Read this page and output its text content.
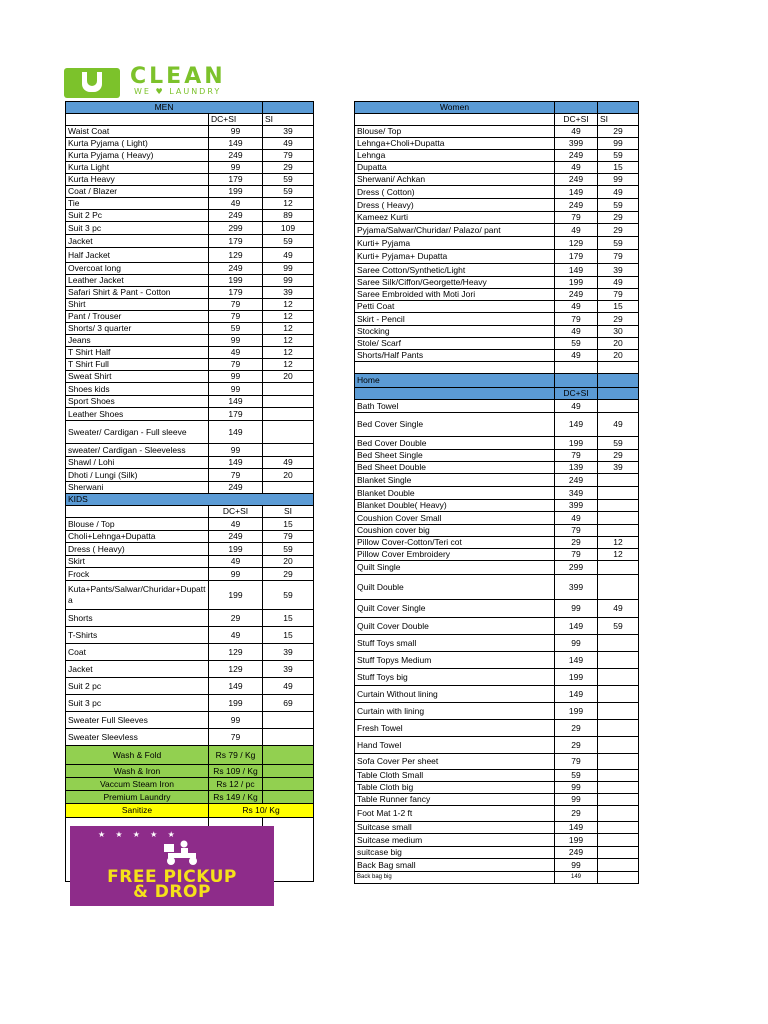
CLEAN
WE ♥ LAUNDRY
MEN		
	DC+SI	SI
Waist Coat	99	39
Kurta Pyjama ( Light)	149	49
Kurta Pyjama ( Heavy)	249	79
Kurta Light	99	29
Kurta Heavy	179	59
Coat / Blazer	199	59
Tie	49	12
Suit 2 Pc	249	89
Suit 3 pc	299	109
Jacket	179	59
Half Jacket	129	49
Overcoat long	249	99
Leather Jacket	199	99
Safari Shirt & Pant - Cotton	179	39
Shirt	79	12
Pant / Trouser	79	12
Shorts/ 3 quarter	59	12
Jeans	99	12
T Shirt Half	49	12
T Shirt Full	79	12
Sweat Shirt	99	20
Shoes kids	99	
Sport Shoes	149	
Leather Shoes	179	
Sweater/ Cardigan - Full sleeve	149	
sweater/ Cardigan - Sleeveless	99	
Shawl / Lohi	149	49
Dhoti / Lungi (Silk)	79	20
Sherwani	249	
KIDS		
	DC+SI	SI
Blouse / Top	49	15
Choli+Lehnga+Dupatta	249	79
Dress ( Heavy)	199	59
Skirt	49	20
Frock	99	29
Kuta+Pants/Salwar/Churidar+Dupatta	199	59
Shorts	29	15
T-Shirts	49	15
Coat	129	39
Jacket	129	39
Suit 2 pc	149	49
Suit 3 pc	199	69
Sweater Full Sleeves	99	
Sweater Sleevless	79	
Wash & Fold	Rs 79 / Kg	
Wash & Iron	Rs 109 / Kg	
Vaccum Steam Iron	Rs 12 / pc	
Premium Laundry	Rs 149 / Kg	
Sanitize	Rs 10/ Kg	

Women		
	DC+SI	SI
Blouse/ Top	49	29
Lehnga+Choli+Dupatta	399	99
Lehnga	249	59
Dupatta	49	15
Sherwani/ Achkan	249	99
Dress ( Cotton)	149	49
Dress ( Heavy)	249	59
Kameez Kurti	79	29
Pyjama/Salwar/Churidar/ Palazo/ pant	49	29
Kurti+ Pyjama	129	59
Kurti+ Pyjama+ Dupatta	179	79
Saree Cotton/Synthetic/Light	149	39
Saree Silk/Ciffon/Georgette/Heavy	199	49
Saree Embroided with Moti Jori	249	79
Petti Coat	49	15
Skirt - Pencil	79	29
Stocking	49	30
Stole/ Scarf	59	20
Shorts/Half Pants	49	20

Home		
	DC+SI	
Bath Towel	49	
Bed Cover Single	149	49
Bed Cover Double	199	59
Bed Sheet Single	79	29
Bed Sheet Double	139	39
Blanket Single	249	
Blanket Double	349	
Blanket Double( Heavy)	399	
Coushion Cover Small	49	
Coushion cover big	79	
Pillow Cover-Cotton/Teri cot	29	12
Pillow Cover Embroidery	79	12
Quilt Single	299	
Quilt Double	399	
Quilt Cover Single	99	49
Quilt Cover Double	149	59
Stuff Toys small	99	
Stuff Topys Medium	149	
Stuff Toys big	199	
Curtain Without lining	149	
Curtain with lining	199	
Fresh Towel	29	
Hand Towel	29	
Sofa Cover Per sheet	79	
Table Cloth Small	59	
Table Cloth big	99	
Table Runner fancy	99	
Foot Mat 1-2 ft	29	
Suitcase small	149	
Suitcase medium	199	
suitcase big	249	
Back Bag small	99	
Back bag big	149	
★ ★ ★ ★ ★
FREE PICKUP
& DROP
